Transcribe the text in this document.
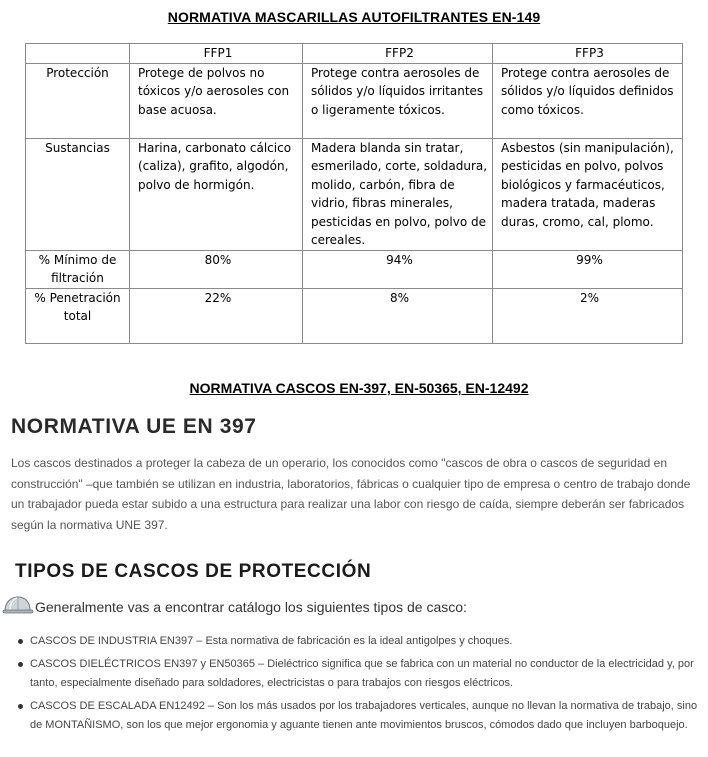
NORMATIVA MASCARILLAS AUTOFILTRANTES EN-149
	FFP1	FFP2	FFP3
Protección	Protege de polvos no tóxicos y/o aerosoles con base acuosa.	Protege contra aerosoles de sólidos y/o líquidos irritantes o ligeramente tóxicos.	Protege contra aerosoles de sólidos y/o líquidos definidos como tóxicos.
Sustancias	Harina, carbonato cálcico (caliza), grafito, algodón, polvo de hormigón.	Madera blanda sin tratar, esmerilado, corte, soldadura, molido, carbón, fibra de vidrio, fibras minerales, pesticidas en polvo, polvo de cereales.	Asbestos (sin manipulación), pesticidas en polvo, polvos biológicos y farmacéuticos, madera tratada, maderas duras, cromo, cal, plomo.
% Mínimo de filtración	80%	94%	99%
% Penetración total	22%	8%	2%
NORMATIVA CASCOS EN-397, EN-50365, EN-12492
NORMATIVA UE EN 397
Los cascos destinados a proteger la cabeza de un operario, los conocidos como "cascos de obra o cascos de seguridad en construcción" –que también se utilizan en industria, laboratorios, fábricas o cualquier tipo de empresa o centro de trabajo donde un trabajador pueda estar subido a una estructura para realizar una labor con riesgo de caída, siempre deberán ser fabricados según la normativa UNE 397.
TIPOS DE CASCOS DE PROTECCIÓN
Generalmente vas a encontrar catálogo los siguientes tipos de casco:
CASCOS DE INDUSTRIA EN397 – Esta normativa de fabricación es la ideal antigolpes y choques.
CASCOS DIELÉCTRICOS EN397 y EN50365 – Dieléctrico significa que se fabrica con un material no conductor de la electricidad y, por tanto, especialmente diseñado para soldadores, electricistas o para trabajos con riesgos eléctricos.
CASCOS DE ESCALADA EN12492 – Son los más usados por los trabajadores verticales, aunque no llevan la normativa de trabajo, sino de MONTAÑISMO, son los que mejor ergonomia y aguante tienen ante movimientos bruscos, cómodos dado que incluyen barboquejo.
